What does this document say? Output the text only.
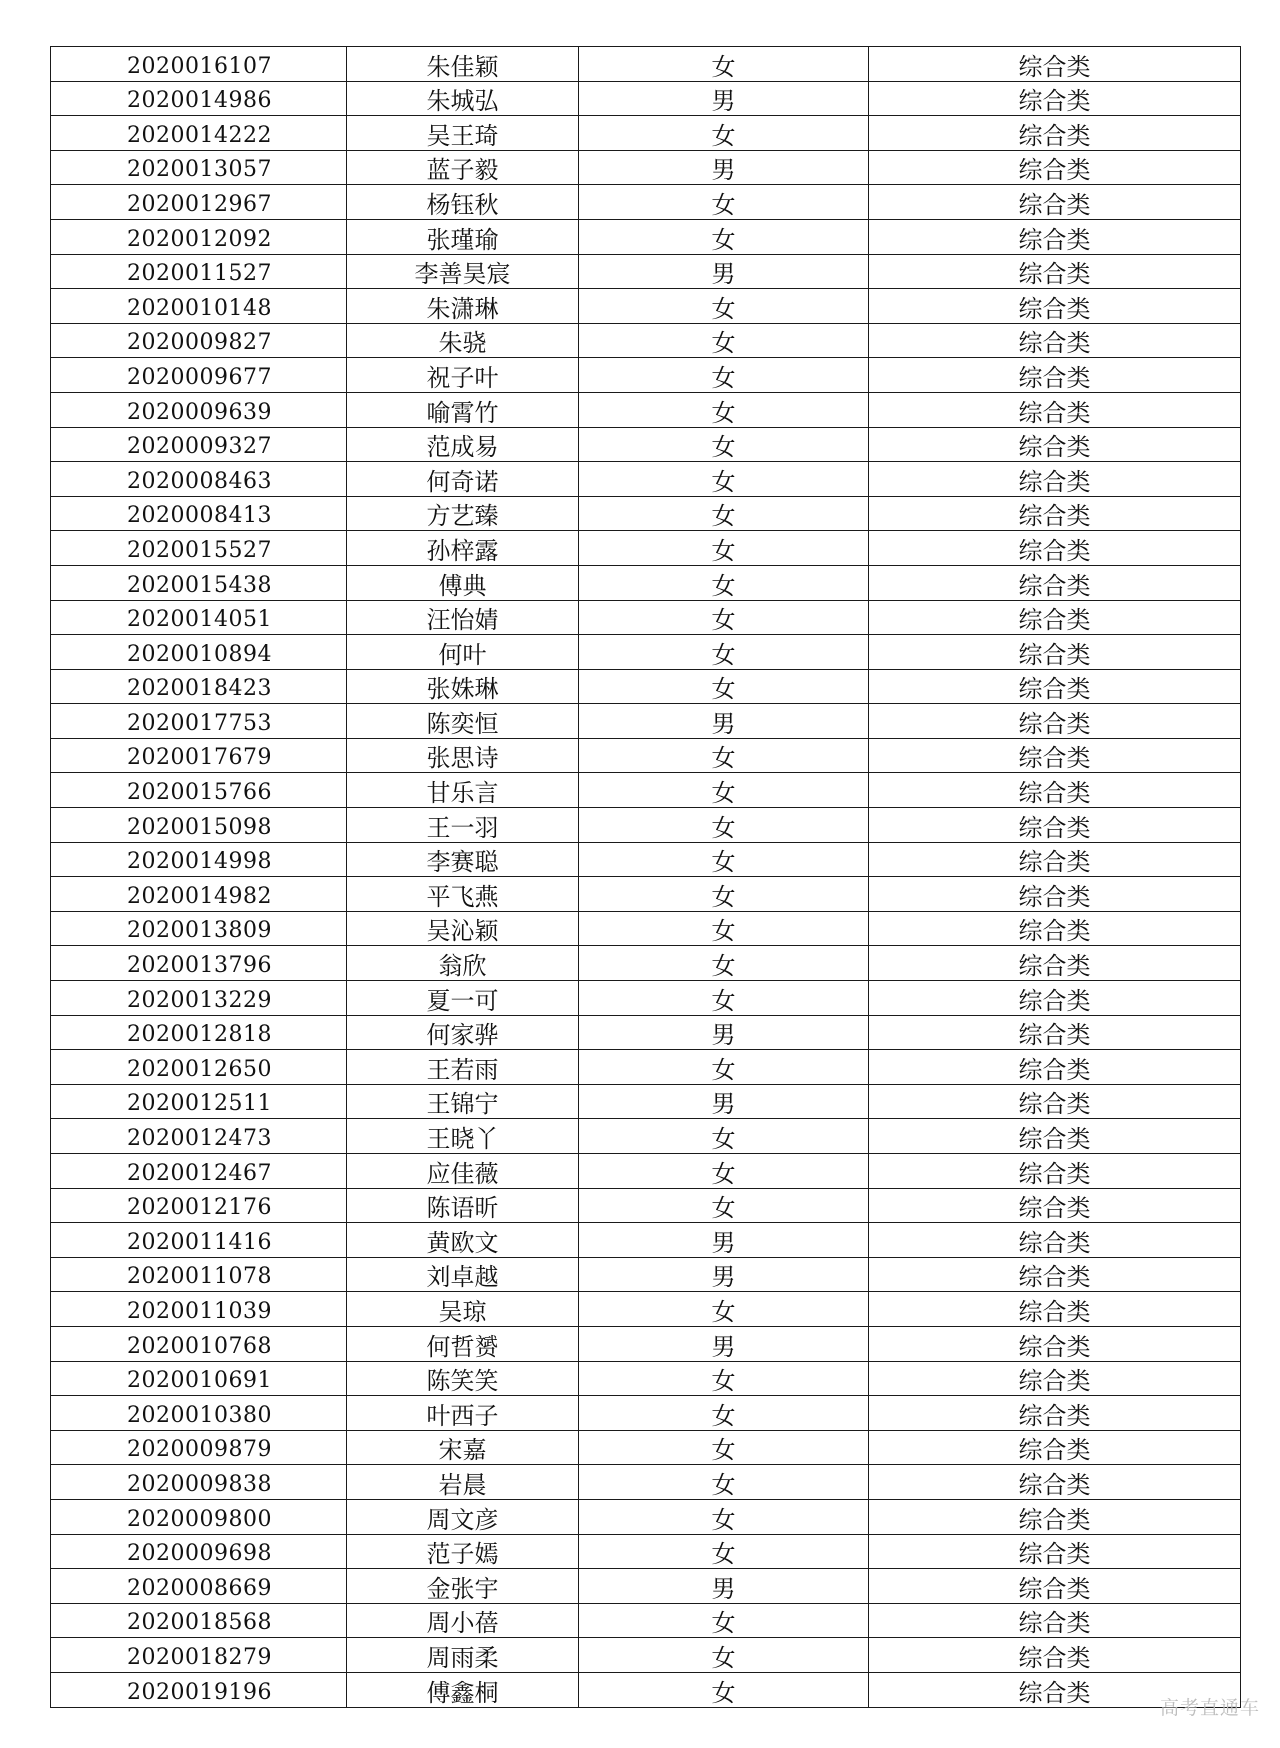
2020016107	朱佳颖	女	综合类
2020014986	朱城弘	男	综合类
2020014222	吴王琦	女	综合类
2020013057	蓝子毅	男	综合类
2020012967	杨钰秋	女	综合类
2020012092	张瑾瑜	女	综合类
2020011527	李善昊宸	男	综合类
2020010148	朱潇琳	女	综合类
2020009827	朱骁	女	综合类
2020009677	祝子叶	女	综合类
2020009639	喻霄竹	女	综合类
2020009327	范成易	女	综合类
2020008463	何奇诺	女	综合类
2020008413	方艺臻	女	综合类
2020015527	孙梓露	女	综合类
2020015438	傅典	女	综合类
2020014051	汪怡婧	女	综合类
2020010894	何叶	女	综合类
2020018423	张姝琳	女	综合类
2020017753	陈奕恒	男	综合类
2020017679	张思诗	女	综合类
2020015766	甘乐言	女	综合类
2020015098	王一羽	女	综合类
2020014998	李赛聪	女	综合类
2020014982	平飞燕	女	综合类
2020013809	吴沁颖	女	综合类
2020013796	翁欣	女	综合类
2020013229	夏一可	女	综合类
2020012818	何家骅	男	综合类
2020012650	王若雨	女	综合类
2020012511	王锦宁	男	综合类
2020012473	王晓丫	女	综合类
2020012467	应佳薇	女	综合类
2020012176	陈语昕	女	综合类
2020011416	黄欧文	男	综合类
2020011078	刘卓越	男	综合类
2020011039	吴琼	女	综合类
2020010768	何哲赟	男	综合类
2020010691	陈笑笑	女	综合类
2020010380	叶西子	女	综合类
2020009879	宋嘉	女	综合类
2020009838	岩晨	女	综合类
2020009800	周文彦	女	综合类
2020009698	范子嫣	女	综合类
2020008669	金张宇	男	综合类
2020018568	周小蓓	女	综合类
2020018279	周雨柔	女	综合类
2020019196	傅鑫桐	女	综合类
高考直通车
